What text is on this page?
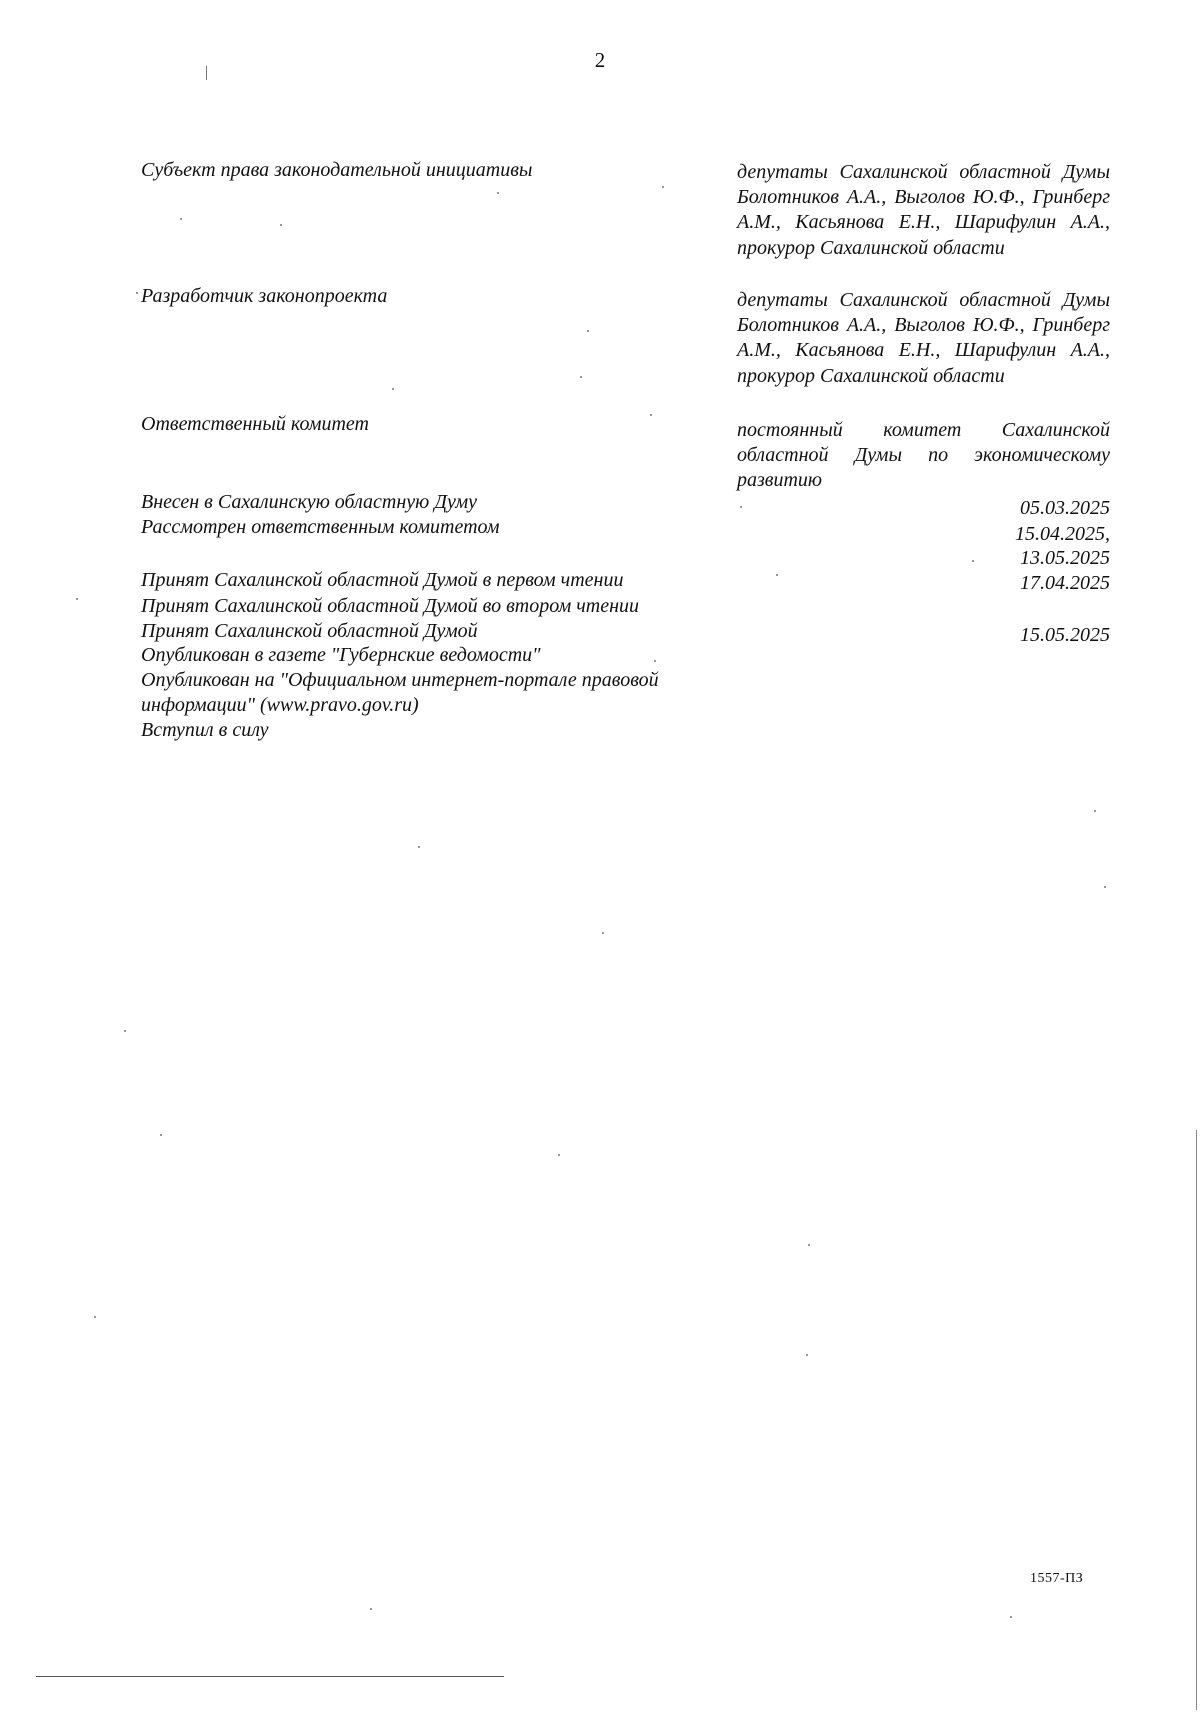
2
Субъект права законодательной инициативы	депутаты Сахалинской областной Думы Болотников А.А., Выголов Ю.Ф., Гринберг А.М., Касьянова Е.Н., Шарифулин А.А., прокурор Сахалинской области
Разработчик законопроекта	депутаты Сахалинской областной Думы Болотников А.А., Выголов Ю.Ф., Гринберг А.М., Касьянова Е.Н., Шарифулин А.А., прокурор Сахалинской области
Ответственный комитет	постоянный комитет Сахалинской областной Думы по экономическому развитию
Внесен в Сахалинскую областную Думу	05.03.2025
Рассмотрен ответственным комитетом	15.04.2025,
13.05.2025
Принят Сахалинской областной Думой в первом чтении	17.04.2025
Принят Сахалинской областной Думой во втором чтении
Принят Сахалинской областной Думой	15.05.2025
Опубликован в газете "Губернские ведомости"
Опубликован на "Официальном интернет-портале правовой информации" (www.pravo.gov.ru)
Вступил в силу
1557-ПЗ
